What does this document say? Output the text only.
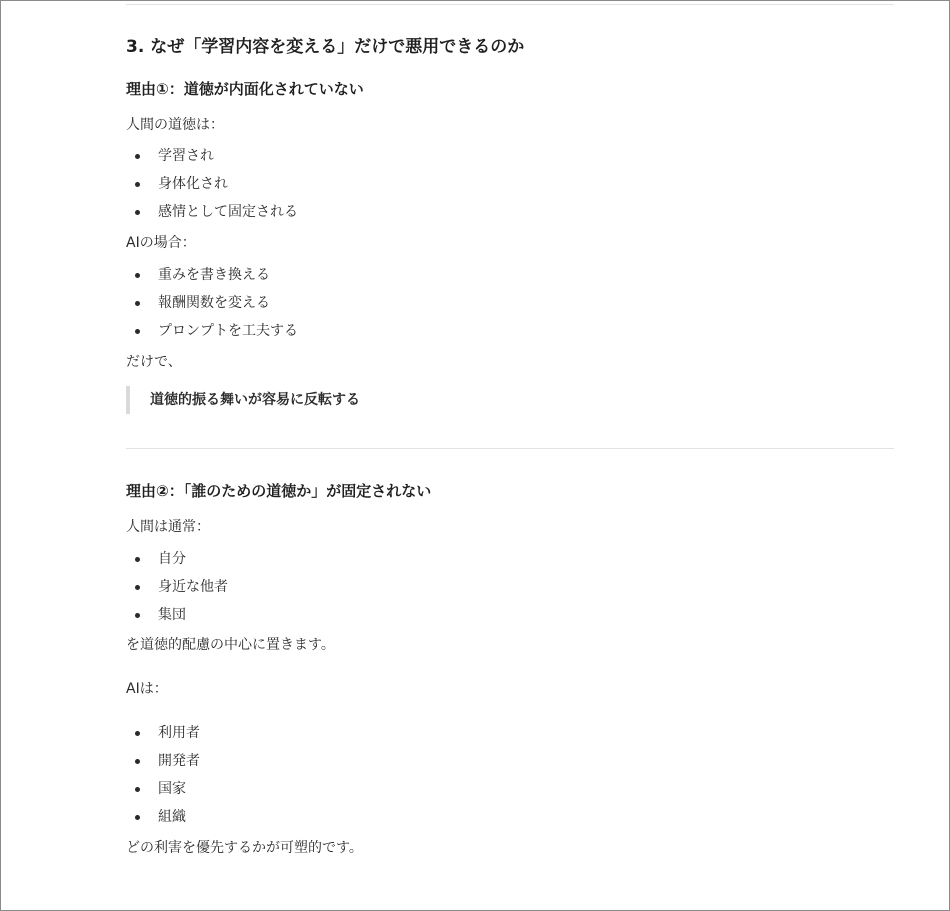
3. なぜ「学習内容を変える」だけで悪用できるのか
理由①：道徳が内面化されていない

人間の道徳は：

学習され
身体化され
感情として固定される

AIの場合：

重みを書き換える
報酬関数を変える
プロンプトを工夫する

だけで、

道徳的振る舞いが容易に反転する
理由②：「誰のための道徳か」が固定されない

人間は通常：

自分
身近な他者
集団

を道徳的配慮の中心に置きます。

AIは：

利用者
開発者
国家
組織

どの利害を優先するかが可塑的です。
